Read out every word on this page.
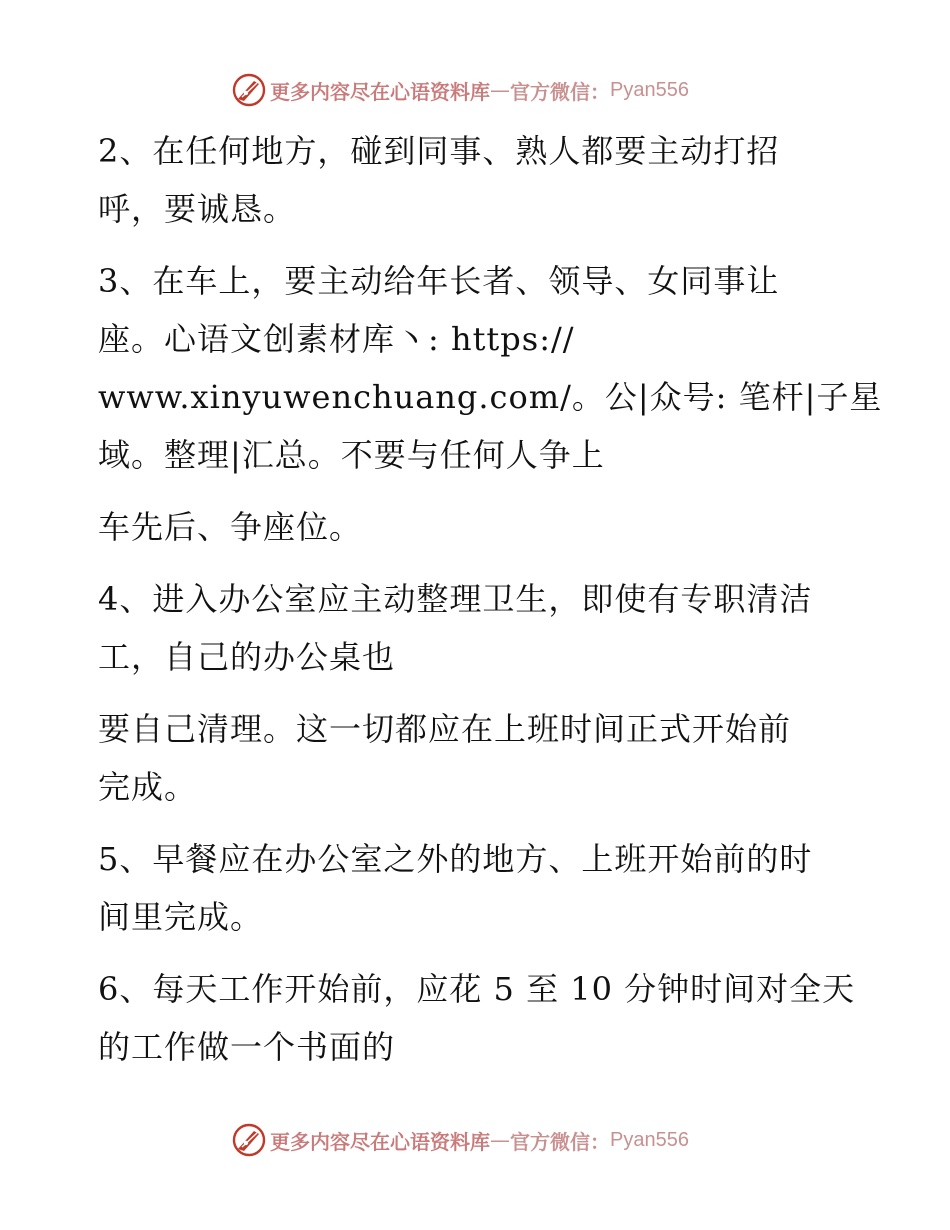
更多内容尽在心语资料库 — 官方微信： Pyan556
2、在任何地方，碰到同事、熟人都要主动打招
呼，要诚恳。
3、在车上，要主动给年长者、领导、女同事让
座。心语文创素材库丶: https://
www.xinyuwenchuang.com/。公|众号: 笔杆|子星
域。整理|汇总。不要与任何人争上
车先后、争座位。
4、进入办公室应主动整理卫生，即使有专职清洁
工，自己的办公桌也
要自己清理。这一切都应在上班时间正式开始前
完成。
5、早餐应在办公室之外的地方、上班开始前的时
间里完成。
6、每天工作开始前，应花 5 至 10 分钟时间对全天
的工作做一个书面的
更多内容尽在心语资料库 — 官方微信： Pyan556
